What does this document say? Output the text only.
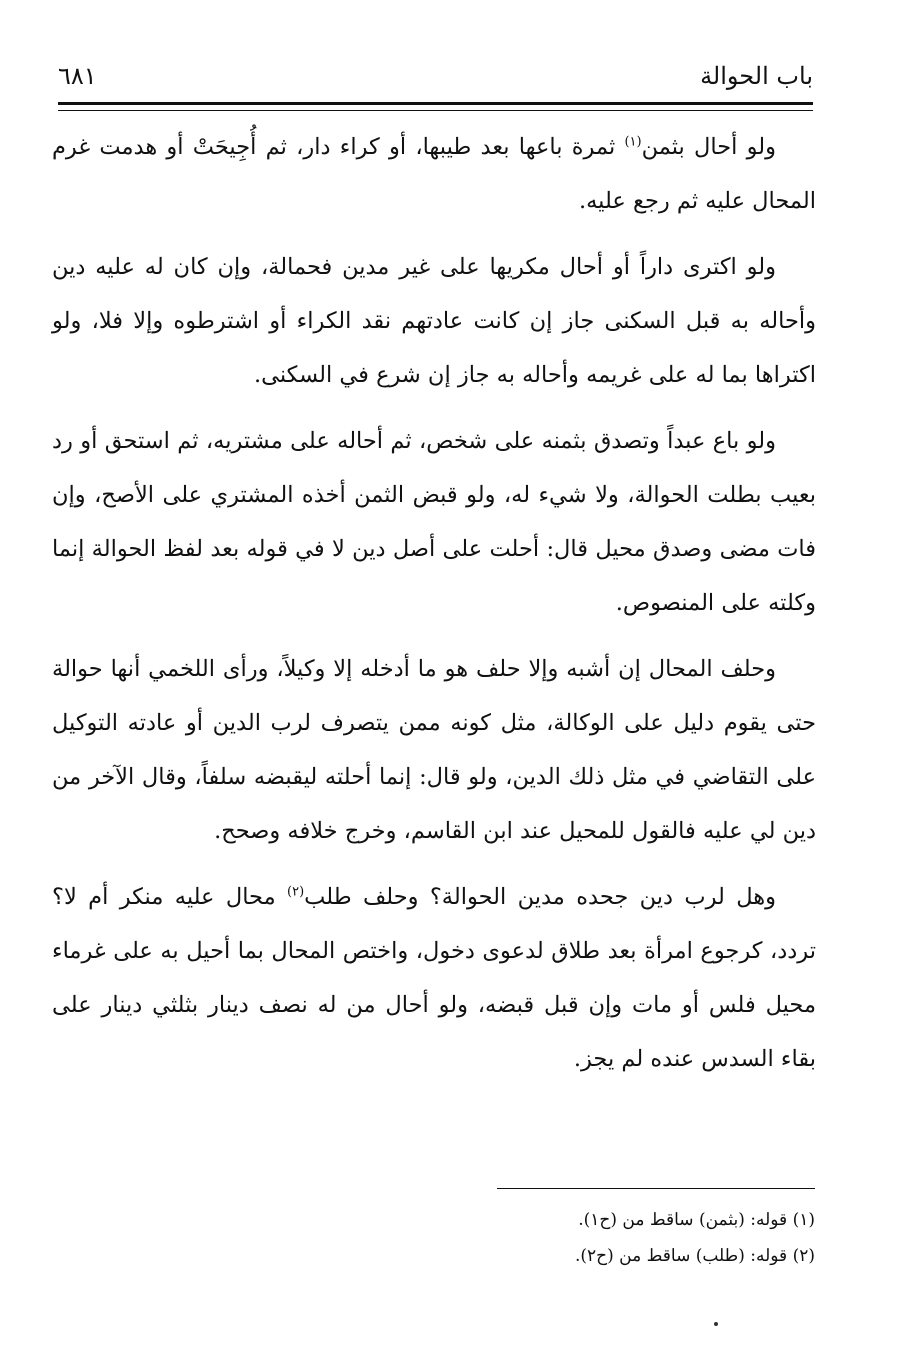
باب الحوالة
٦٨١

ولو أحال بثمن$^{(١)}$ ثمرة باعها بعد طيبها، أو كراء دار، ثم أُجِيحَتْ أو هدمت غرم المحال عليه ثم رجع عليه.

ولو اكترى داراً أو أحال مكريها على غير مدين فحمالة، وإن كان له عليه دين وأحاله به قبل السكنى جاز إن كانت عادتهم نقد الكراء أو اشترطوه وإلا فلا، ولو اكتراها بما له على غريمه وأحاله به جاز إن شرع في السكنى.

ولو باع عبداً وتصدق بثمنه على شخص، ثم أحاله على مشتريه، ثم استحق أو رد بعيب بطلت الحوالة، ولا شيء له، ولو قبض الثمن أخذه المشتري على الأصح، وإن فات مضى وصدق محيل قال: أحلت على أصل دين لا في قوله بعد لفظ الحوالة إنما وكلته على المنصوص.

وحلف المحال إن أشبه وإلا حلف هو ما أدخله إلا وكيلاً، ورأى اللخمي أنها حوالة حتى يقوم دليل على الوكالة، مثل كونه ممن يتصرف لرب الدين أو عادته التوكيل على التقاضي في مثل ذلك الدين، ولو قال: إنما أحلته ليقبضه سلفاً، وقال الآخر من دين لي عليه فالقول للمحيل عند ابن القاسم، وخرج خلافه وصحح.

وهل لرب دين جحده مدين الحوالة؟ وحلف طلب$^{(٢)}$ محال عليه منكر أم لا؟ تردد، كرجوع امرأة بعد طلاق لدعوى دخول، واختص المحال بما أحيل به على غرماء محيل فلس أو مات وإن قبل قبضه، ولو أحال من له نصف دينار بثلثي دينار على بقاء السدس عنده لم يجز.

(١) قوله: (بثمن) ساقط من (ح١).
(٢) قوله: (طلب) ساقط من (ح٢).
